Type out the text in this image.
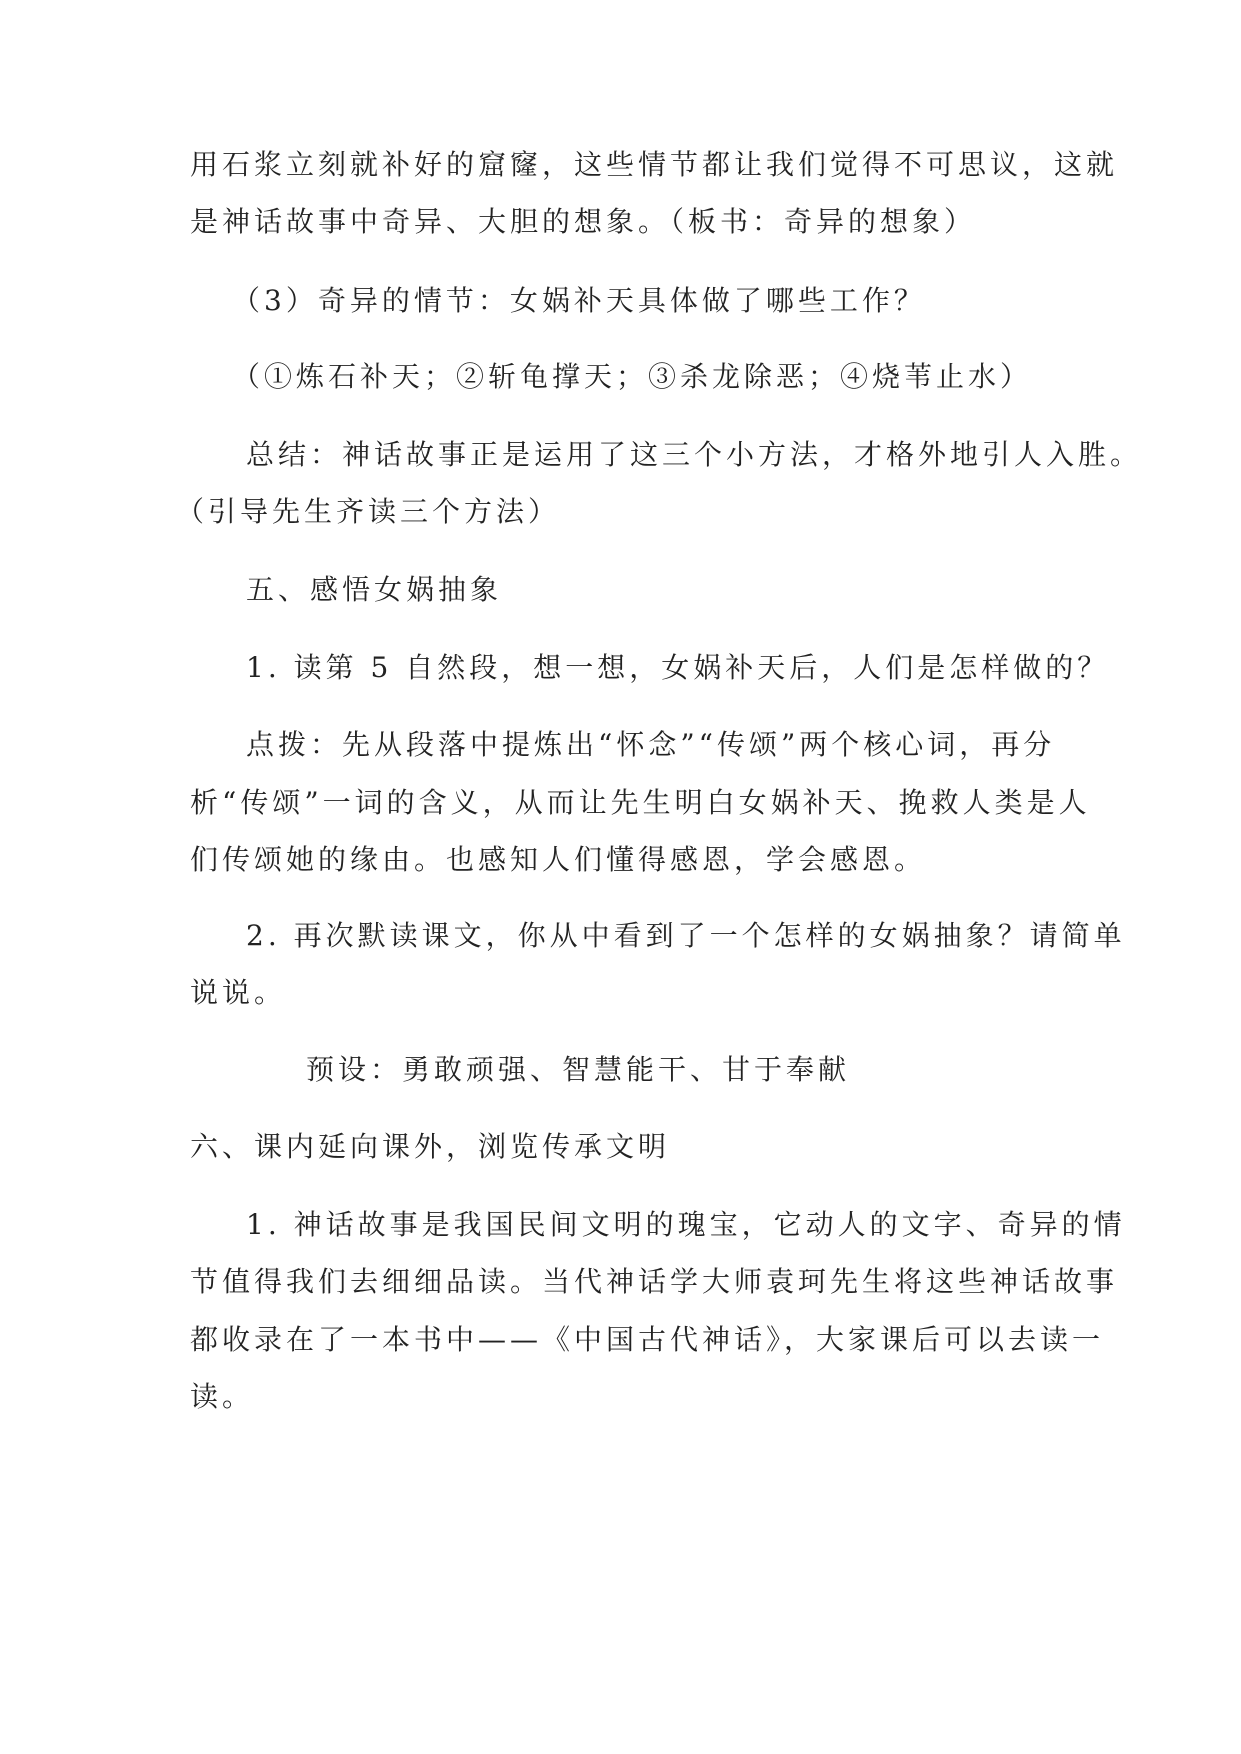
用石浆立刻就补好的窟窿，这些情节都让我们觉得不可思议，这就
是神话故事中奇异、大胆的想象。（板书：奇异的想象）
（3）奇异的情节：女娲补天具体做了哪些工作？
（①炼石补天；②斩龟撑天；③杀龙除恶；④烧苇止水）
总结：神话故事正是运用了这三个小方法，才格外地引人入胜。
（引导先生齐读三个方法）
五、感悟女娲抽象
1. 读第 5 自然段，想一想，女娲补天后，人们是怎样做的？
点拨：先从段落中提炼出“怀念”“传颂”两个核心词，再分
析“传颂”一词的含义，从而让先生明白女娲补天、挽救人类是人
们传颂她的缘由。也感知人们懂得感恩，学会感恩。
2. 再次默读课文，你从中看到了一个怎样的女娲抽象？请简单
说说。
预设：勇敢顽强、智慧能干、甘于奉献
六、课内延向课外，浏览传承文明
1. 神话故事是我国民间文明的瑰宝，它动人的文字、奇异的情
节值得我们去细细品读。当代神话学大师袁珂先生将这些神话故事
都收录在了一本书中——《中国古代神话》，大家课后可以去读一
读。
